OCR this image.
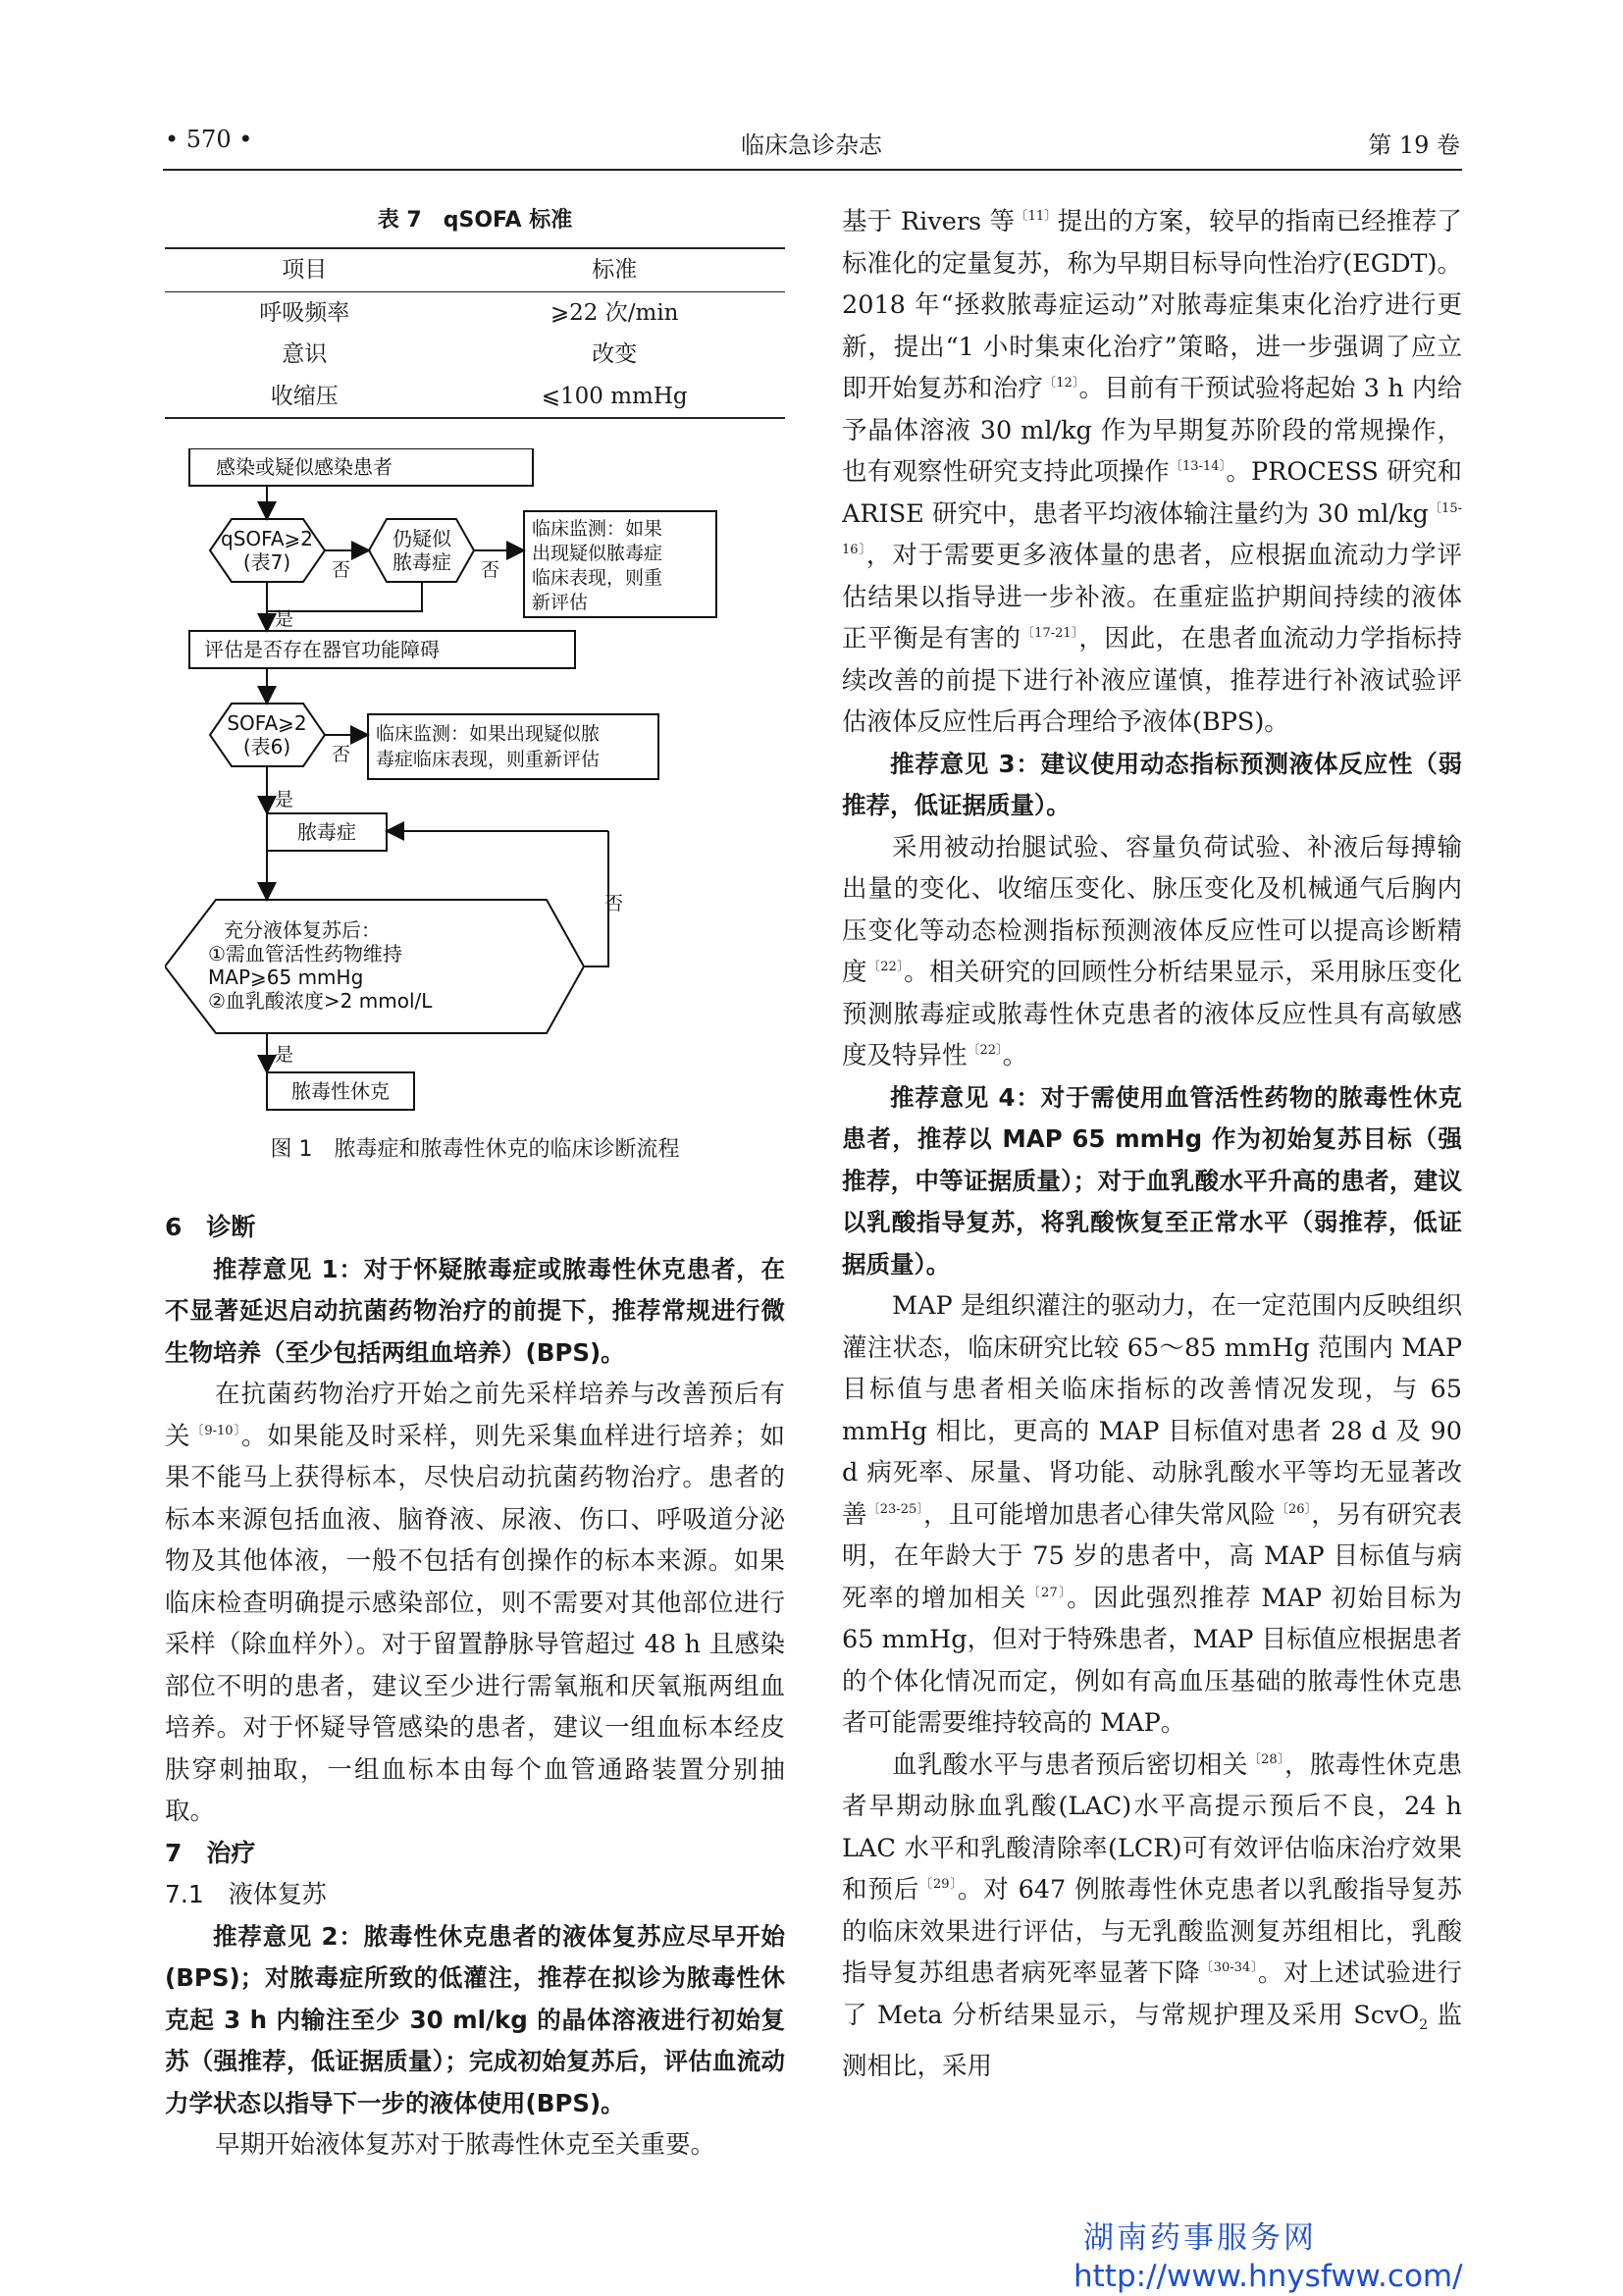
• 570 •	临床急诊杂志	第 19 卷
表 7　qSOFA 标准
项目	标准
呼吸频率	⩾22 次/min
意识	改变
收缩压	⩽100 mmHg
感染或疑似感染患者
qSOFA⩾2
(表7)
仍疑似
脓毒症
临床监测：如果
出现疑似脓毒症
临床表现，则重
新评估
评估是否存在器官功能障碍
SOFA⩾2
(表6)
临床监测：如果出现疑似脓
毒症临床表现，则重新评估
脓毒症
充分液体复苏后：
①需血管活性药物维持
MAP⩾65 mmHg
②血乳酸浓度>2 mmol/L
脓毒性休克
否	否
是
否
是
否
是
图 1　脓毒症和脓毒性休克的临床诊断流程

6　诊断

推荐意见 1：对于怀疑脓毒症或脓毒性休克患者，在不显著延迟启动抗菌药物治疗的前提下，推荐常规进行微生物培养（至少包括两组血培养）(BPS)。

在抗菌药物治疗开始之前先采样培养与改善预后有关$^{〔9-10〕}$。如果能及时采样，则先采集血样进行培养；如果不能马上获得标本，尽快启动抗菌药物治疗。患者的标本来源包括血液、脑脊液、尿液、伤口、呼吸道分泌物及其他体液，一般不包括有创操作的标本来源。如果临床检查明确提示感染部位，则不需要对其他部位进行采样（除血样外）。对于留置静脉导管超过 48 h 且感染部位不明的患者，建议至少进行需氧瓶和厌氧瓶两组血培养。对于怀疑导管感染的患者，建议一组血标本经皮肤穿刺抽取，一组血标本由每个血管通路装置分别抽取。

7　治疗

7.1　液体复苏

推荐意见 2：脓毒性休克患者的液体复苏应尽早开始(BPS)；对脓毒症所致的低灌注，推荐在拟诊为脓毒性休克起 3 h 内输注至少 30 ml/kg 的晶体溶液进行初始复苏（强推荐，低证据质量）；完成初始复苏后，评估血流动力学状态以指导下一步的液体使用(BPS)。

早期开始液体复苏对于脓毒性休克至关重要。

基于 Rivers 等$^{〔11〕}$提出的方案，较早的指南已经推荐了标准化的定量复苏，称为早期目标导向性治疗(EGDT)。2018 年“拯救脓毒症运动”对脓毒症集束化治疗进行更新，提出“1 小时集束化治疗”策略，进一步强调了应立即开始复苏和治疗$^{〔12〕}$。目前有干预试验将起始 3 h 内给予晶体溶液 30 ml/kg 作为早期复苏阶段的常规操作，也有观察性研究支持此项操作$^{〔13-14〕}$。PROCESS 研究和 ARISE 研究中，患者平均液体输注量约为 30 $ml/kg^{〔15-16〕}$，对于需要更多液体量的患者，应根据血流动力学评估结果以指导进一步补液。在重症监护期间持续的液体正平衡是有害的$^{〔17-21〕}$，因此，在患者血流动力学指标持续改善的前提下进行补液应谨慎，推荐进行补液试验评估液体反应性后再合理给予液体(BPS)。

推荐意见 3：建议使用动态指标预测液体反应性（弱推荐，低证据质量）。

采用被动抬腿试验、容量负荷试验、补液后每搏输出量的变化、收缩压变化、脉压变化及机械通气后胸内压变化等动态检测指标预测液体反应性可以提高诊断精度$^{〔22〕}$。相关研究的回顾性分析结果显示，采用脉压变化预测脓毒症或脓毒性休克患者的液体反应性具有高敏感度及特异性$^{〔22〕}$。

推荐意见 4：对于需使用血管活性药物的脓毒性休克患者，推荐以 MAP 65 mmHg 作为初始复苏目标（强推荐，中等证据质量）；对于血乳酸水平升高的患者，建议以乳酸指导复苏，将乳酸恢复至正常水平（弱推荐，低证据质量）。

MAP 是组织灌注的驱动力，在一定范围内反映组织灌注状态，临床研究比较 65～85 mmHg 范围内 MAP 目标值与患者相关临床指标的改善情况发现，与 65 mmHg 相比，更高的 MAP 目标值对患者 28 d 及 90 d 病死率、尿量、肾功能、动脉乳酸水平等均无显著改善$^{〔23-25〕}$，且可能增加患者心律失常风险$^{〔26〕}$，另有研究表明，在年龄大于 75 岁的患者中，高 MAP 目标值与病死率的增加相关$^{〔27〕}$。因此强烈推荐 MAP 初始目标为 65 mmHg，但对于特殊患者，MAP 目标值应根据患者的个体化情况而定，例如有高血压基础的脓毒性休克患者可能需要维持较高的 MAP。

血乳酸水平与患者预后密切相关$^{〔28〕}$，脓毒性休克患者早期动脉血乳酸(LAC)水平高提示预后不良，24 h LAC 水平和乳酸清除率(LCR)可有效评估临床治疗效果和预后$^{〔29〕}$。对 647 例脓毒性休克患者以乳酸指导复苏的临床效果进行评估，与无乳酸监测复苏组相比，乳酸指导复苏组患者病死率显著下降$^{〔30-34〕}$。对上述试验进行了 Meta 分析结果显示，与常规护理及采用 ScvO$_2$ 监测相比，采用

湖南药事服务网
http://www.hnysfww.com/
